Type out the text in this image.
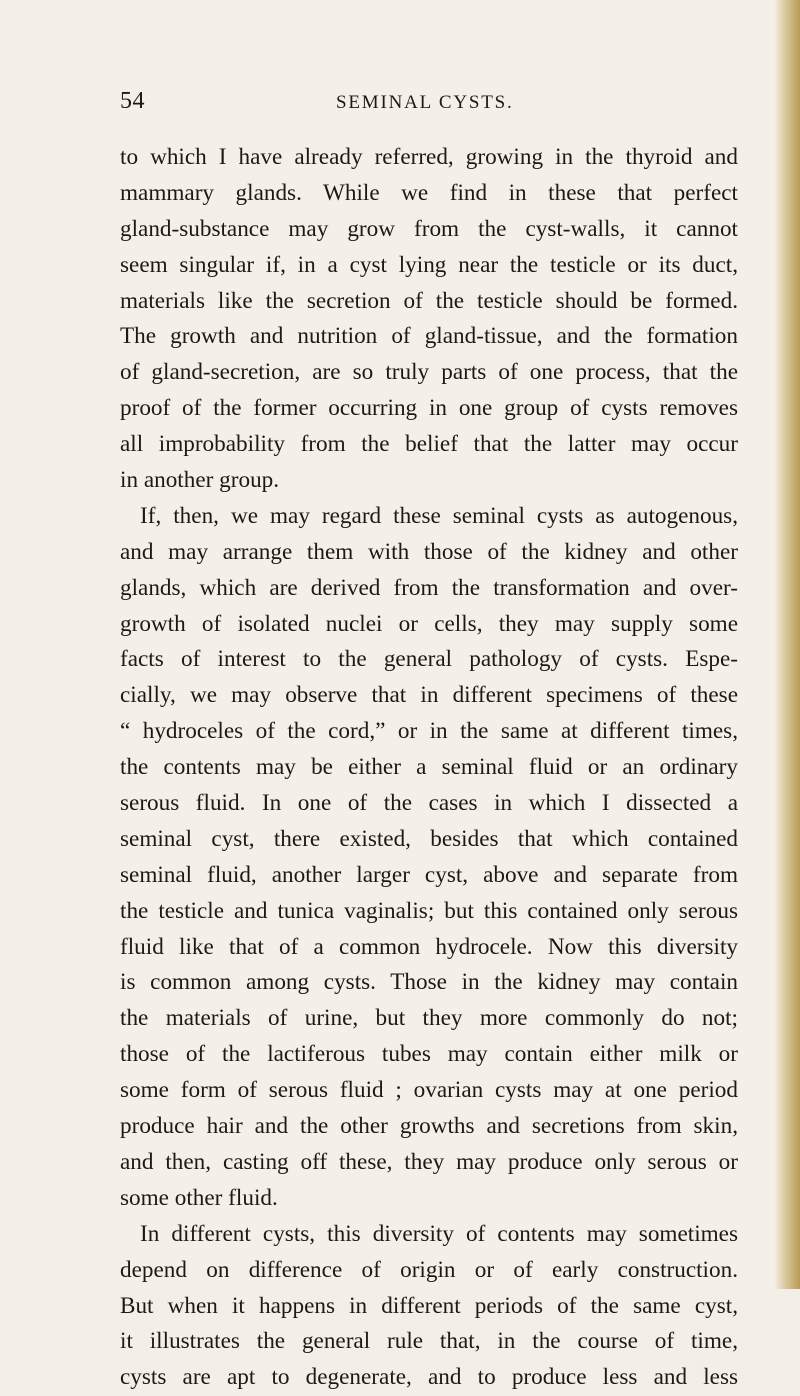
54	SEMINAL CYSTS.
to which I have already referred, growing in the thyroid and
mammary glands. While we find in these that perfect
gland-substance may grow from the cyst-walls, it cannot
seem singular if, in a cyst lying near the testicle or its duct,
materials like the secretion of the testicle should be formed.
The growth and nutrition of gland-tissue, and the formation
of gland-secretion, are so truly parts of one process, that the
proof of the former occurring in one group of cysts removes
all improbability from the belief that the latter may occur
in another group.
If, then, we may regard these seminal cysts as autogenous,
and may arrange them with those of the kidney and other
glands, which are derived from the transformation and over-
growth of isolated nuclei or cells, they may supply some
facts of interest to the general pathology of cysts. Espe-
cially, we may observe that in different specimens of these
“ hydroceles of the cord,” or in the same at different times,
the contents may be either a seminal fluid or an ordinary
serous fluid. In one of the cases in which I dissected a
seminal cyst, there existed, besides that which contained
seminal fluid, another larger cyst, above and separate from
the testicle and tunica vaginalis; but this contained only serous
fluid like that of a common hydrocele. Now this diversity
is common among cysts. Those in the kidney may contain
the materials of urine, but they more commonly do not;
those of the lactiferous tubes may contain either milk or
some form of serous fluid ; ovarian cysts may at one period
produce hair and the other growths and secretions from skin,
and then, casting off these, they may produce only serous or
some other fluid.
In different cysts, this diversity of contents may sometimes
depend on difference of origin or of early construction.
But when it happens in different periods of the same cyst,
it illustrates the general rule that, in the course of time,
cysts are apt to degenerate, and to produce less and less
